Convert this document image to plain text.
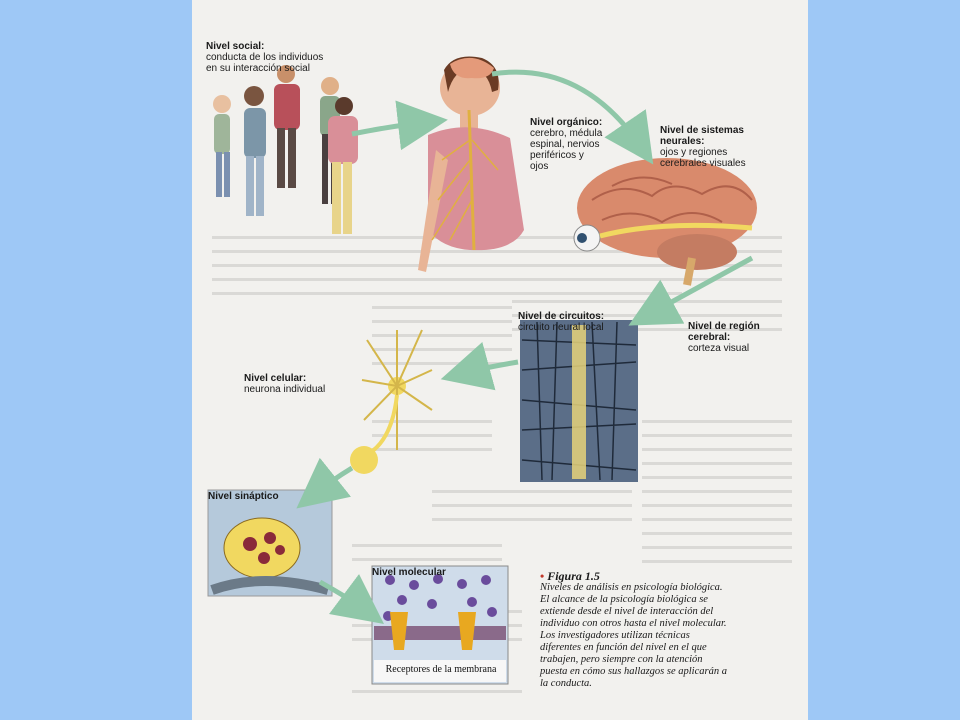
Nivel social:
conducta de los individuos
en su interacción social

Nivel orgánico:
cerebro, médula
espinal, nervios
periféricos y
ojos

Nivel de sistemas
neurales:
ojos y regiones
cerebrales visuales

Nivel de circuitos:
circuito neural local	Nivel de región
cerebral:
corteza visual

Nivel celular:
neurona individual

Nivel sináptico

Nivel molecular

Receptores de la membrana
• Figura 1.5
Niveles de análisis en psicología biológica. El alcance de la psicología biológica se extiende desde el nivel de interacción del individuo con otros hasta el nivel molecular. Los investigadores utilizan técnicas diferentes en función del nivel en el que trabajen, pero siempre con la atención puesta en cómo sus hallazgos se aplicarán a la conducta.
